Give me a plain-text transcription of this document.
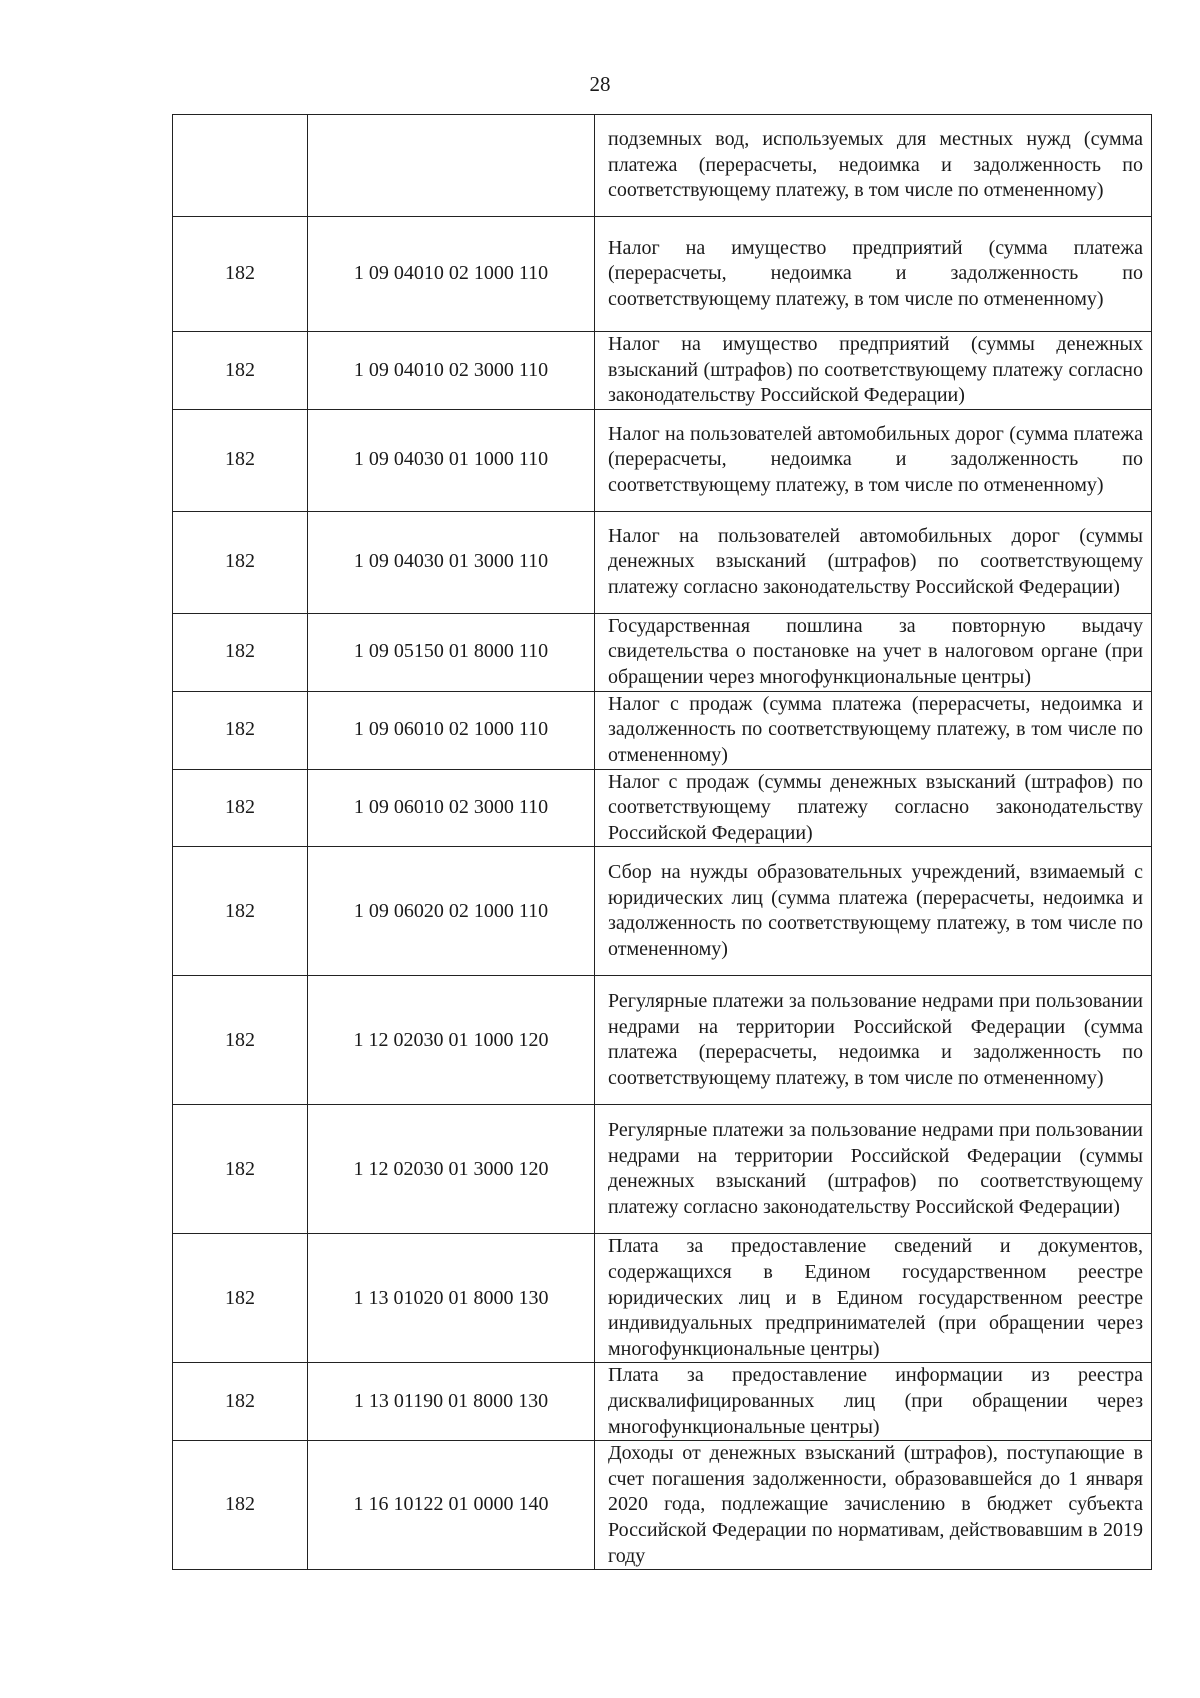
28
		подземных вод, используемых для местных нужд (сумма платежа (перерасчеты, недоимка и задолженность по соответствующему платежу, в том числе по отмененному)
182	1 09 04010 02 1000 110	Налог на имущество предприятий (сумма платежа (перерасчеты, недоимка и задолженность по соответствующему платежу, в том числе по отмененному)
182	1 09 04010 02 3000 110	Налог на имущество предприятий (суммы денежных взысканий (штрафов) по соответствующему платежу согласно законодательству Российской Федерации)
182	1 09 04030 01 1000 110	Налог на пользователей автомобильных дорог (сумма платежа (перерасчеты, недоимка и задолженность по соответствующему платежу, в том числе по отмененному)
182	1 09 04030 01 3000 110	Налог на пользователей автомобильных дорог (суммы денежных взысканий (штрафов) по соответствующему платежу согласно законодательству Российской Федерации)
182	1 09 05150 01 8000 110	Государственная пошлина за повторную выдачу свидетельства о постановке на учет в налоговом органе (при обращении через многофункциональные центры)
182	1 09 06010 02 1000 110	Налог с продаж (сумма платежа (перерасчеты, недоимка и задолженность по соответствующему платежу, в том числе по отмененному)
182	1 09 06010 02 3000 110	Налог с продаж (суммы денежных взысканий (штрафов) по соответствующему платежу согласно законодательству Российской Федерации)
182	1 09 06020 02 1000 110	Сбор на нужды образовательных учреждений, взимаемый с юридических лиц (сумма платежа (перерасчеты, недоимка и задолженность по соответствующему платежу, в том числе по отмененному)
182	1 12 02030 01 1000 120	Регулярные платежи за пользование недрами при пользовании недрами на территории Российской Федерации (сумма платежа (перерасчеты, недоимка и задолженность по соответствующему платежу, в том числе по отмененному)
182	1 12 02030 01 3000 120	Регулярные платежи за пользование недрами при пользовании недрами на территории Российской Федерации (суммы денежных взысканий (штрафов) по соответствующему платежу согласно законодательству Российской Федерации)
182	1 13 01020 01 8000 130	Плата за предоставление сведений и документов, содержащихся в Едином государственном реестре юридических лиц и в Едином государственном реестре индивидуальных предпринимателей (при обращении через многофункциональные центры)
182	1 13 01190 01 8000 130	Плата за предоставление информации из реестра дисквалифицированных лиц (при обращении через многофункциональные центры)
182	1 16 10122 01 0000 140	Доходы от денежных взысканий (штрафов), поступающие в счет погашения задолженности, образовавшейся до 1 января 2020 года, подлежащие зачислению в бюджет субъекта Российской Федерации по нормативам, действовавшим в 2019 году
